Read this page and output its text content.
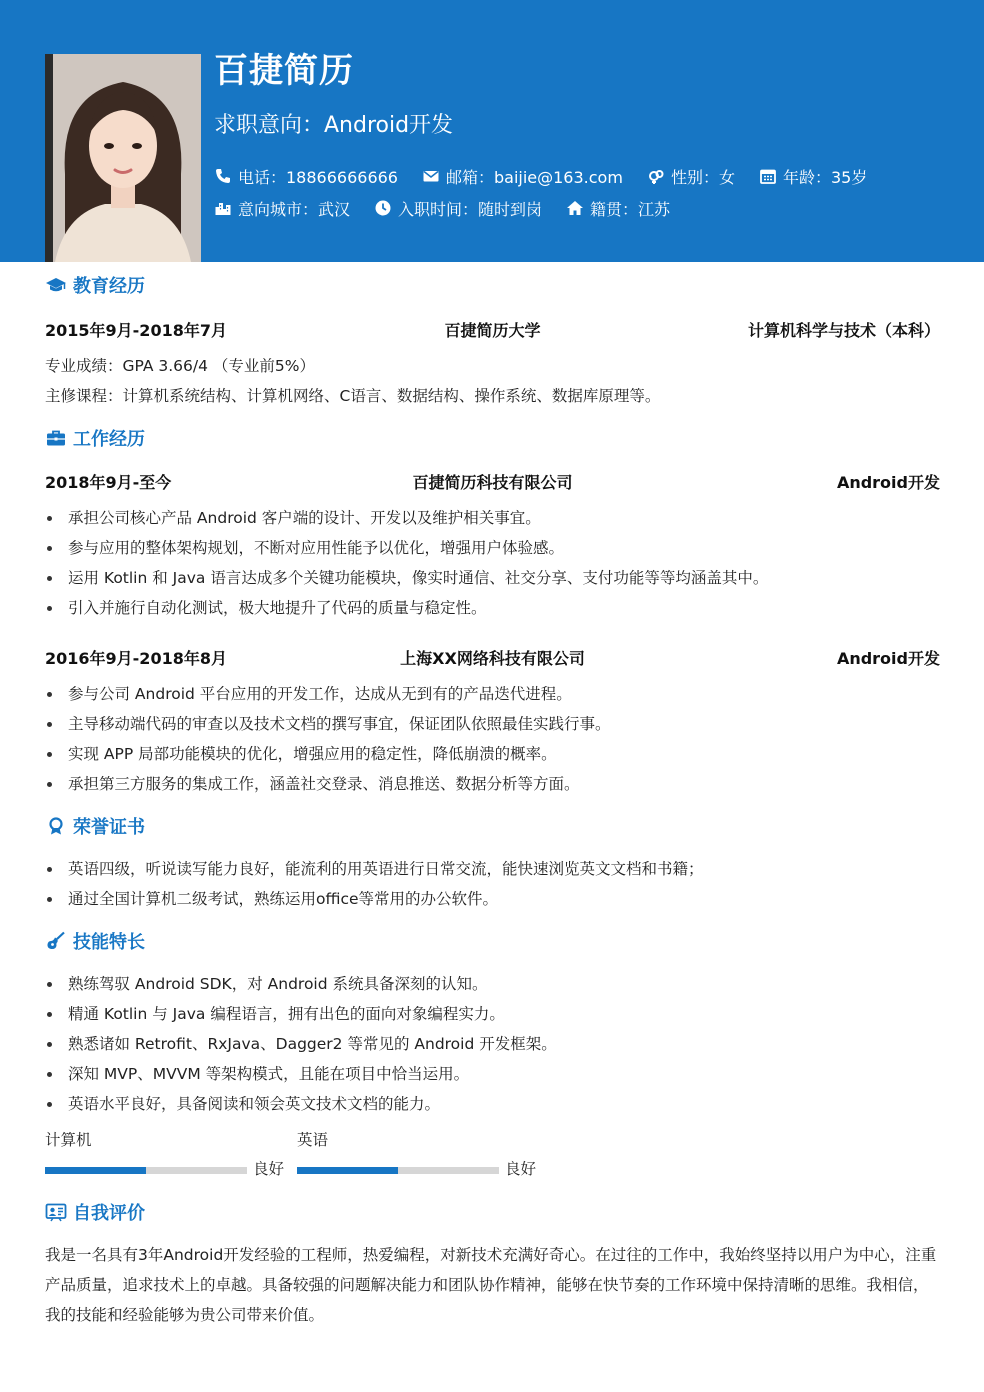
百捷简历
求职意向：Android开发
电话：18866666666	邮箱：baijie@163.com	性别：女	年龄：35岁
意向城市：武汉	入职时间：随时到岗	籍贯：江苏
教育经历
2015年9月-2018年7月	百捷简历大学	计算机科学与技术（本科）
专业成绩：GPA 3.66/4 （专业前5%）
主修课程：计算机系统结构、计算机网络、C语言、数据结构、操作系统、数据库原理等。
工作经历
2018年9月-至今	百捷简历科技有限公司	Android开发
承担公司核心产品 Android 客户端的设计、开发以及维护相关事宜。
参与应用的整体架构规划，不断对应用性能予以优化，增强用户体验感。
运用 Kotlin 和 Java 语言达成多个关键功能模块，像实时通信、社交分享、支付功能等等均涵盖其中。
引入并施行自动化测试，极大地提升了代码的质量与稳定性。
2016年9月-2018年8月	上海XX网络科技有限公司	Android开发
参与公司 Android 平台应用的开发工作，达成从无到有的产品迭代进程。
主导移动端代码的审查以及技术文档的撰写事宜，保证团队依照最佳实践行事。
实现 APP 局部功能模块的优化，增强应用的稳定性，降低崩溃的概率。
承担第三方服务的集成工作，涵盖社交登录、消息推送、数据分析等方面。
荣誉证书
英语四级，听说读写能力良好，能流利的用英语进行日常交流，能快速浏览英文文档和书籍；
通过全国计算机二级考试，熟练运用office等常用的办公软件。
技能特长
熟练驾驭 Android SDK，对 Android 系统具备深刻的认知。
精通 Kotlin 与 Java 编程语言，拥有出色的面向对象编程实力。
熟悉诸如 Retrofit、RxJava、Dagger2 等常见的 Android 开发框架。
深知 MVP、MVVM 等架构模式，且能在项目中恰当运用。
英语水平良好，具备阅读和领会英文技术文档的能力。
计算机
良好
英语
良好
自我评价
我是一名具有3年Android开发经验的工程师，热爱编程，对新技术充满好奇心。在过往的工作中，我始终坚持以用户为中心，注重产品质量，追求技术上的卓越。具备较强的问题解决能力和团队协作精神，能够在快节奏的工作环境中保持清晰的思维。我相信，我的技能和经验能够为贵公司带来价值。
